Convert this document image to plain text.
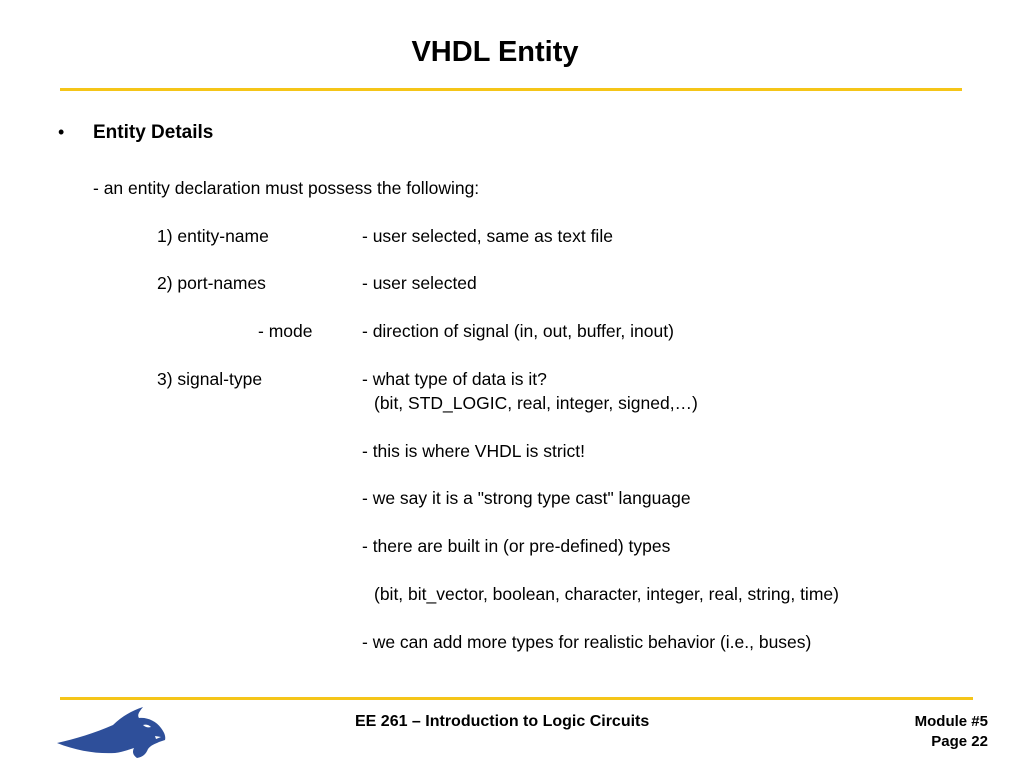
VHDL Entity
• Entity Details
- an entity declaration must possess the following:
1) entity-name	- user selected, same as text file
2) port-names	- user selected
- mode	- direction of signal (in, out, buffer, inout)
3) signal-type	- what type of data is it?
(bit, STD_LOGIC, real, integer, signed,…)
- this is where VHDL is strict!
- we say it is a "strong type cast" language
- there are built in (or pre-defined) types
(bit, bit_vector, boolean, character, integer, real, string, time)
- we can add more types for realistic behavior (i.e., buses)
EE 261 – Introduction to Logic Circuits	Module #5
Page 22
